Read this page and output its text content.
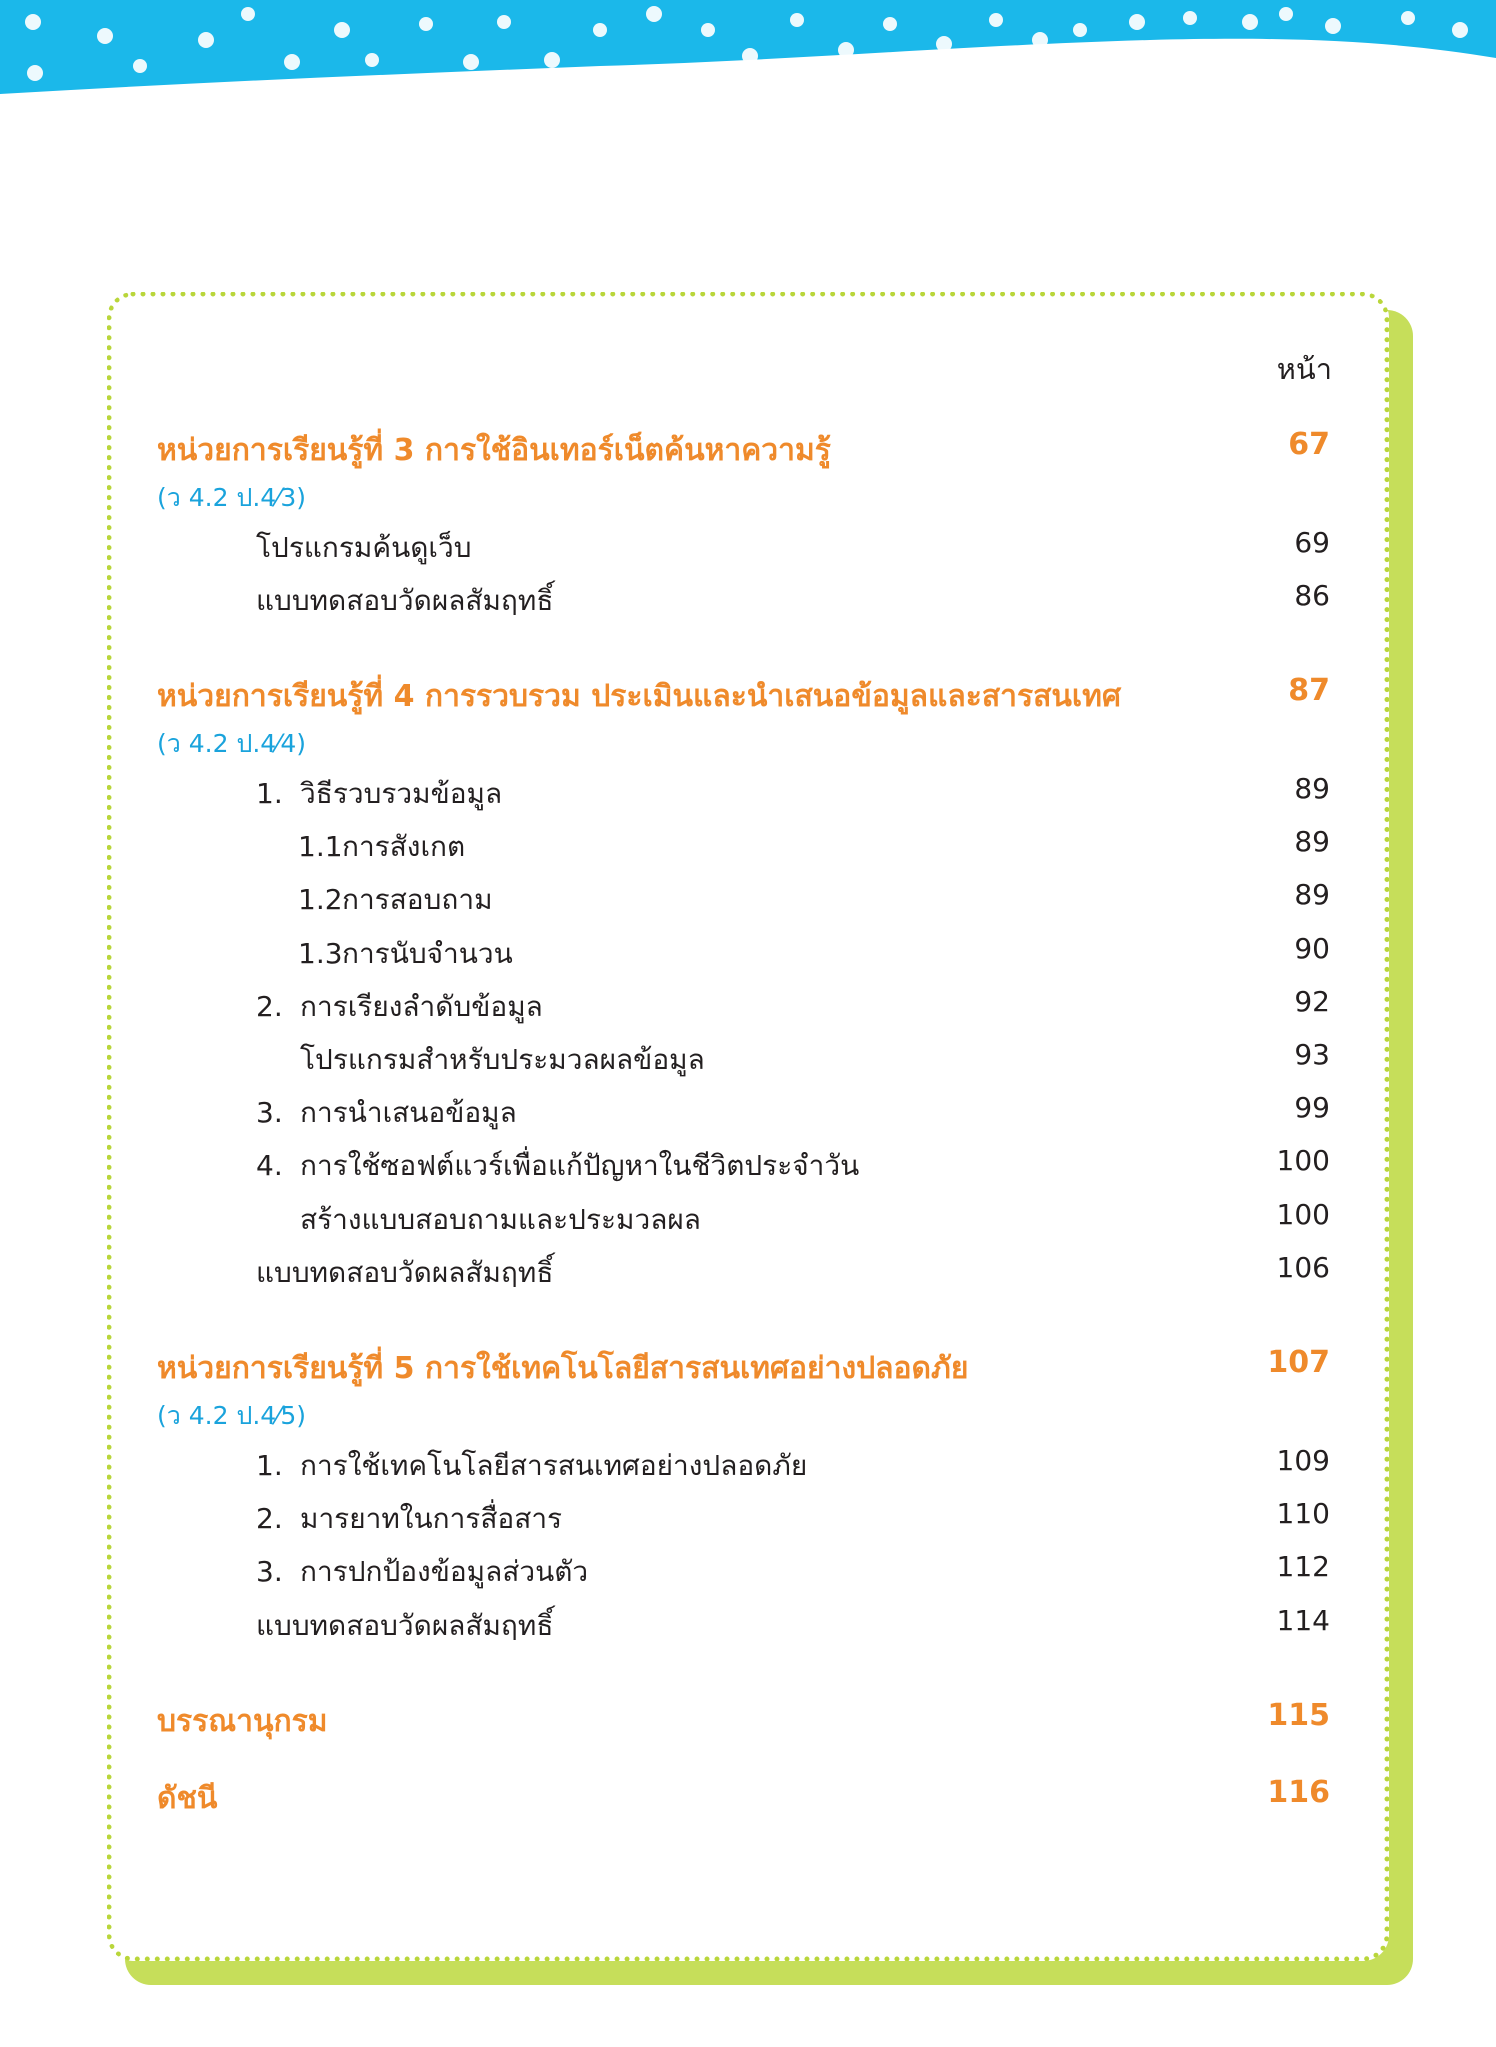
หน้า
หน่วยการเรียนรู้ที่ 3 การใช้อินเทอร์เน็ตค้นหาความรู้	67
(ว 4.2 ป.4⁄3)
โปรแกรมค้นดูเว็บ	69
แบบทดสอบวัดผลสัมฤทธิ์	86
หน่วยการเรียนรู้ที่ 4 การรวบรวม ประเมินและนำเสนอข้อมูลและสารสนเทศ	87
(ว 4.2 ป.4⁄4)
1. วิธีรวบรวมข้อมูล	89
1.1การสังเกต	89
1.2การสอบถาม	89
1.3การนับจำนวน	90
2. การเรียงลำดับข้อมูล	92
โปรแกรมสำหรับประมวลผลข้อมูล	93
3. การนำเสนอข้อมูล	99
4. การใช้ซอฟต์แวร์เพื่อแก้ปัญหาในชีวิตประจำวัน	100
สร้างแบบสอบถามและประมวลผล	100
แบบทดสอบวัดผลสัมฤทธิ์	106
หน่วยการเรียนรู้ที่ 5 การใช้เทคโนโลยีสารสนเทศอย่างปลอดภัย	107
(ว 4.2 ป.4⁄5)
1. การใช้เทคโนโลยีสารสนเทศอย่างปลอดภัย	109
2. มารยาทในการสื่อสาร	110
3. การปกป้องข้อมูลส่วนตัว	112
แบบทดสอบวัดผลสัมฤทธิ์	114
บรรณานุกรม	115
ดัชนี	116
